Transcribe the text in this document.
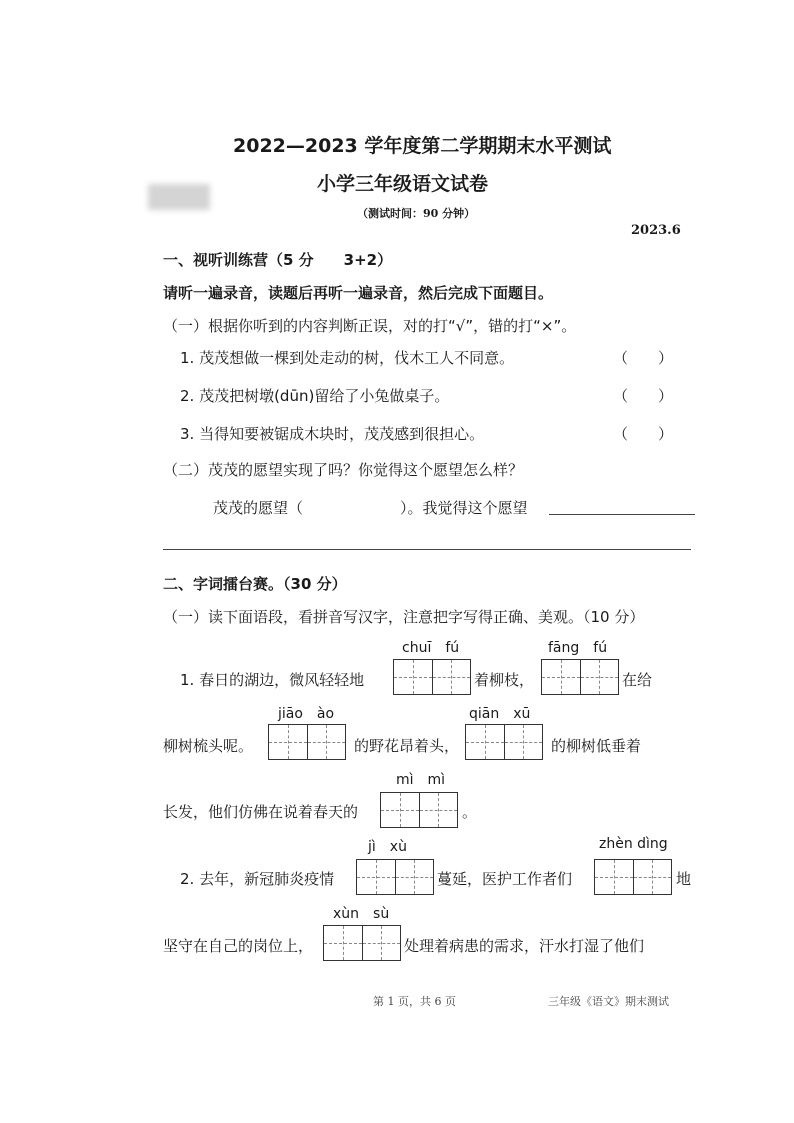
2022—2023 学年度第二学期期末水平测试
小学三年级语文试卷
（测试时间：90 分钟）
2023.6
一、视听训练营（5 分　　3+2）
请听一遍录音，读题后再听一遍录音，然后完成下面题目。
（一）根据你听到的内容判断正误，对的打“√”，错的打“×”。
1. 茂茂想做一棵到处走动的树，伐木工人不同意。	（　　）
2. 茂茂把树墩(dūn)留给了小兔做桌子。	（　　）
3. 当得知要被锯成木块时，茂茂感到很担心。	（　　）
（二）茂茂的愿望实现了吗？你觉得这个愿望怎么样？
茂茂的愿望（	）。我觉得这个愿望
二、字词擂台赛。（30 分）
（一）读下面语段，看拼音写汉字，注意把字写得正确、美观。（10 分）
chuī　fú	fāng　fú
1. 春日的湖边，微风轻轻地	着柳枝，	在给
jiāo　ào	qiān　xū
柳树梳头呢。	的野花昂着头，	的柳树低垂着
mì　mì
长发，他们仿佛在说着春天的	。
jì　xù	zhèn dìng
2. 去年，新冠肺炎疫情	蔓延，医护工作者们	地
xùn　sù
坚守在自己的岗位上，	处理着病患的需求，汗水打湿了他们
第 1 页，共 6 页	三年级《语文》期末测试
